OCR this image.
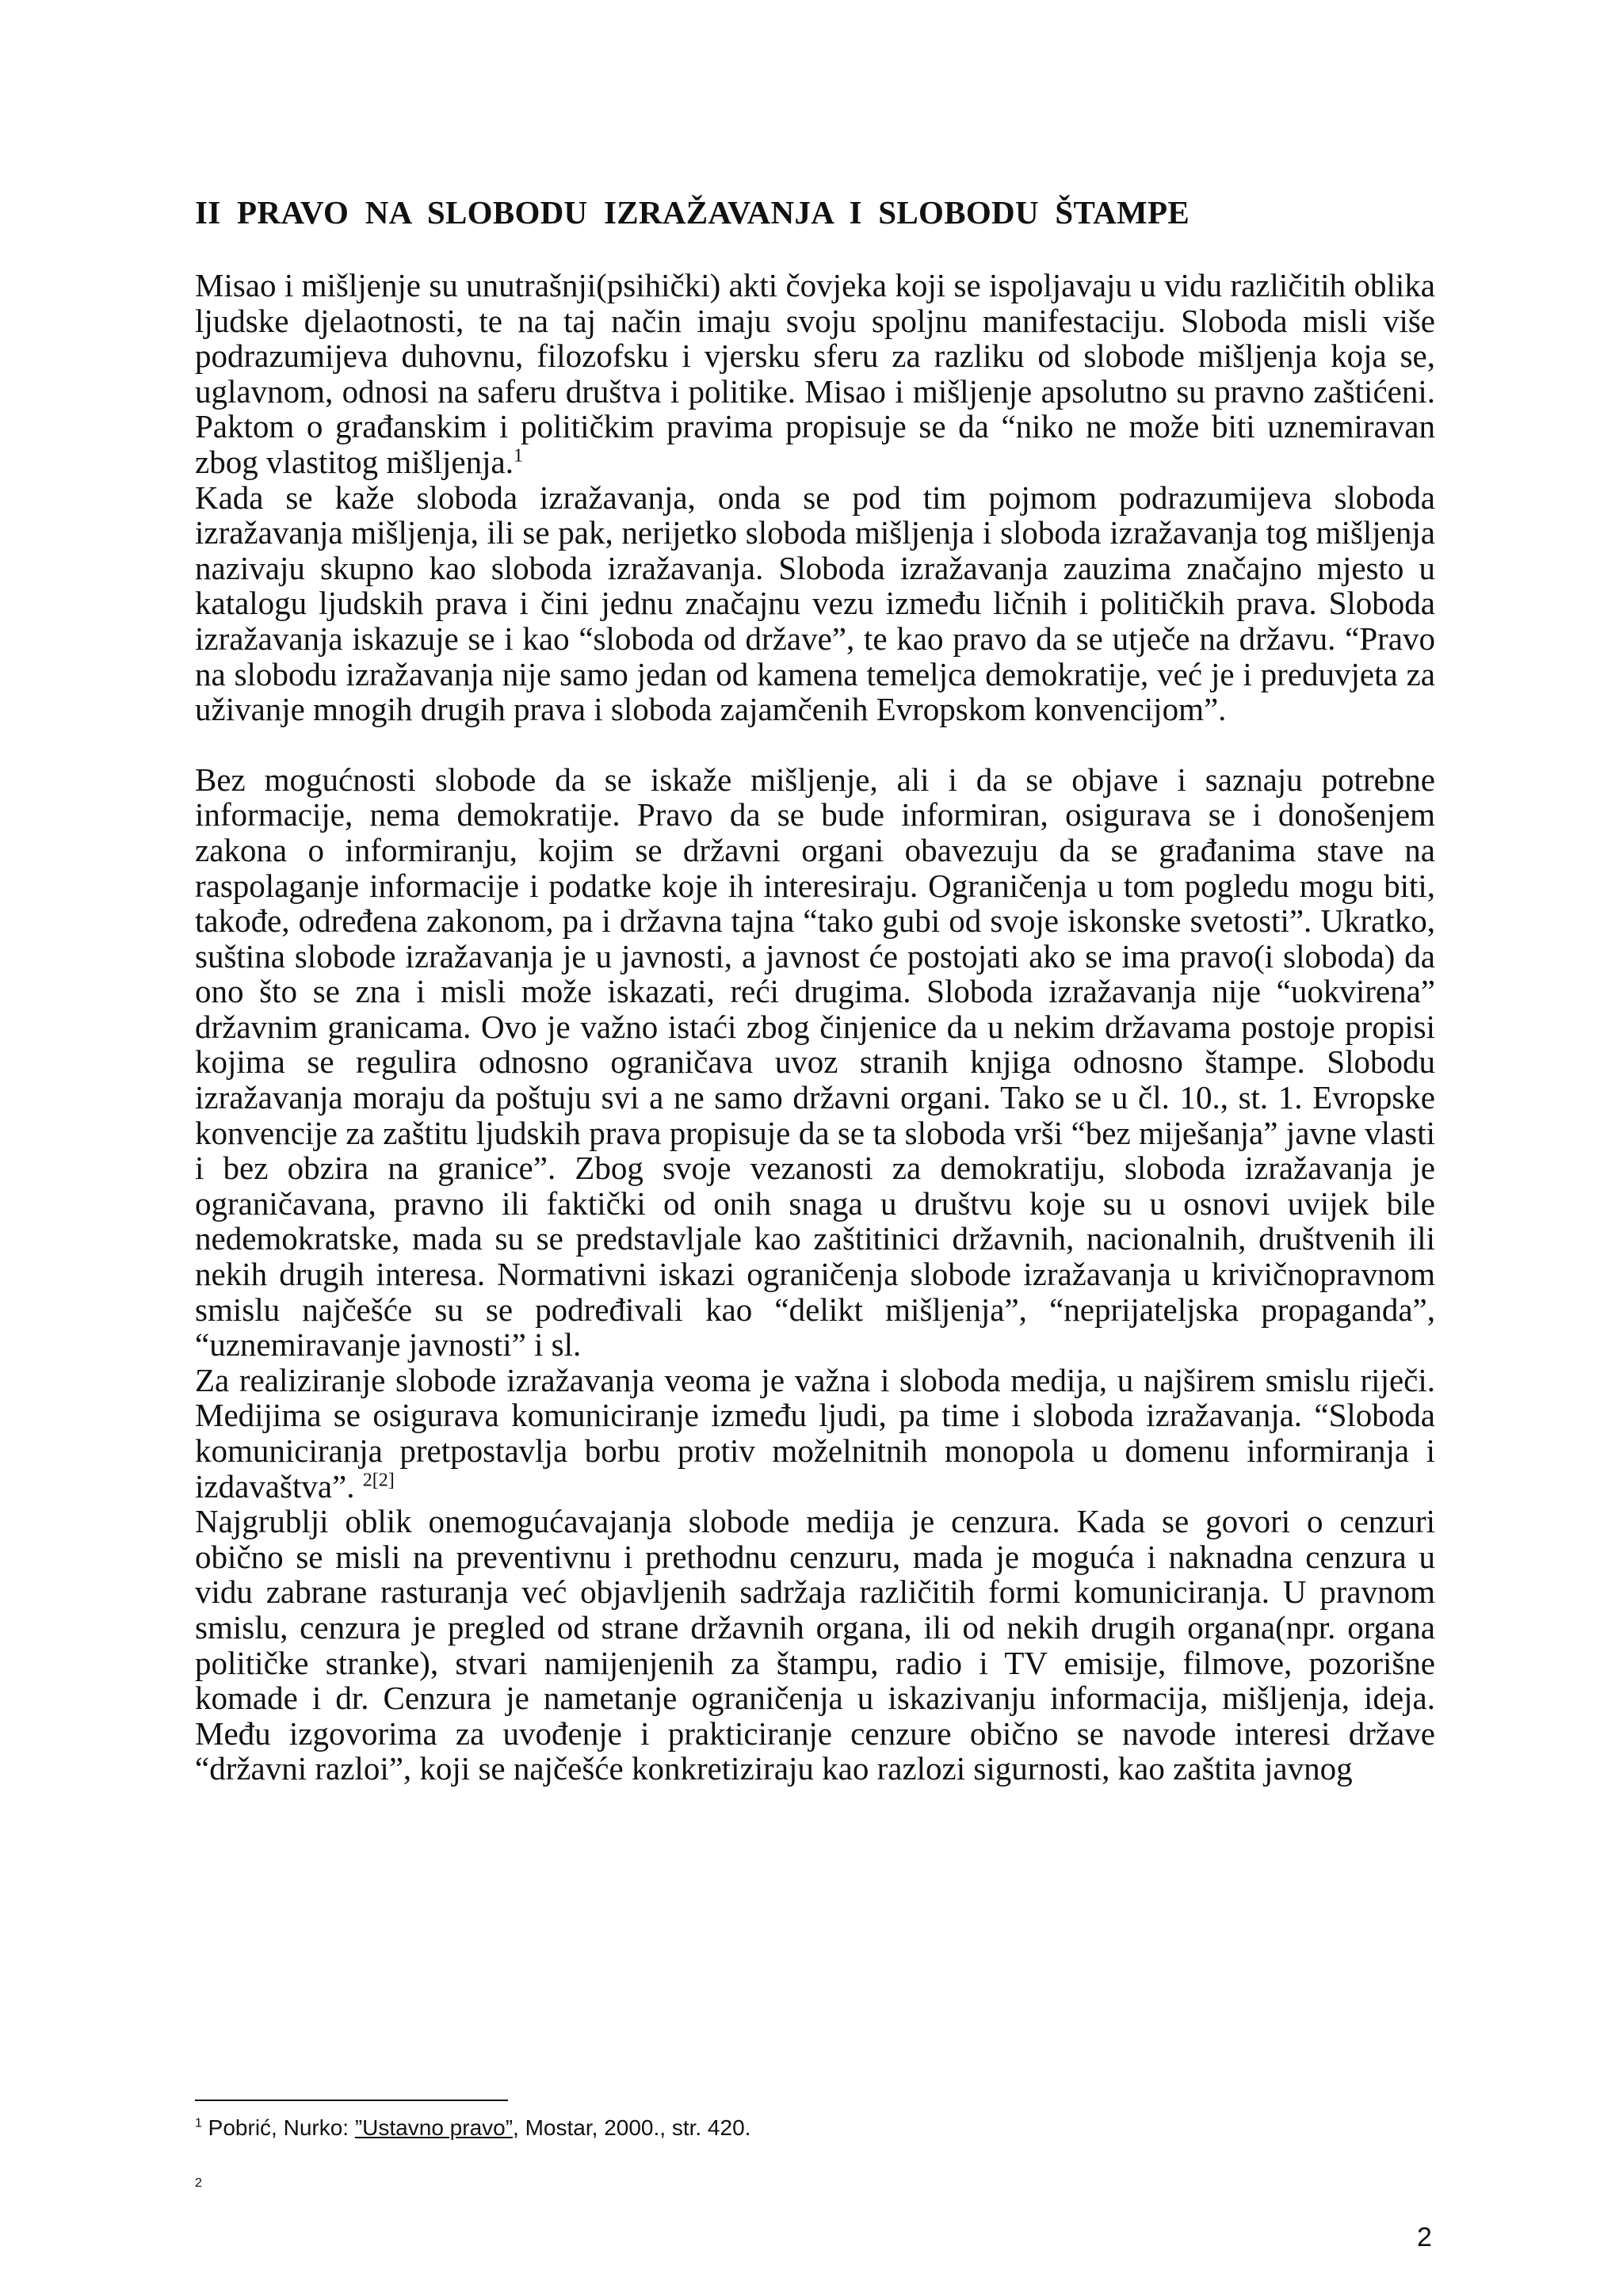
II PRAVO NA SLOBODU IZRAŽAVANJA I SLOBODU ŠTAMPE

Misao i mišljenje su unutrašnji(psihički) akti čovjeka koji se ispoljavaju u vidu različitih oblika ljudske djelaotnosti, te na taj način imaju svoju spoljnu manifestaciju. Sloboda misli više podrazumijeva duhovnu, filozofsku i vjersku sferu za razliku od slobode mišljenja koja se, uglavnom, odnosi na saferu društva i politike. Misao i mišljenje apsolutno su pravno zaštićeni. Paktom o građanskim i političkim pravima propisuje se da “niko ne može biti uznemiravan zbog vlastitog mišljenja.$^1$

Kada se kaže sloboda izražavanja, onda se pod tim pojmom podrazumijeva sloboda izražavanja mišljenja, ili se pak, nerijetko sloboda mišljenja i sloboda izražavanja tog mišljenja nazivaju skupno kao sloboda izražavanja. Sloboda izražavanja zauzima značajno mjesto u katalogu ljudskih prava i čini jednu značajnu vezu između ličnih i političkih prava. Sloboda izražavanja iskazuje se i kao “sloboda od države”, te kao pravo da se utječe na državu. “Pravo na slobodu izražavanja nije samo jedan od kamena temeljca demokratije, već je i preduvjeta za uživanje mnogih drugih prava i sloboda zajamčenih Evropskom konvencijom”.

Bez mogućnosti slobode da se iskaže mišljenje, ali i da se objave i saznaju potrebne informacije, nema demokratije. Pravo da se bude informiran, osigurava se i donošenjem zakona o informiranju, kojim se državni organi obavezuju da se građanima stave na raspolaganje informacije i podatke koje ih interesiraju. Ograničenja u tom pogledu mogu biti, takođe, određena zakonom, pa i državna tajna “tako gubi od svoje iskonske svetosti”. Ukratko, suština slobode izražavanja je u javnosti, a javnost će postojati ako se ima pravo(i sloboda) da ono što se zna i misli može iskazati, reći drugima. Sloboda izražavanja nije “uokvirena” državnim granicama. Ovo je važno istaći zbog činjenice da u nekim državama postoje propisi kojima se regulira odnosno ograničava uvoz stranih knjiga odnosno štampe. Slobodu izražavanja moraju da poštuju svi a ne samo državni organi. Tako se u čl. 10., st. 1. Evropske konvencije za zaštitu ljudskih prava propisuje da se ta sloboda vrši “bez miješanja” javne vlasti i bez obzira na granice”. Zbog svoje vezanosti za demokratiju, sloboda izražavanja je ograničavana, pravno ili faktički od onih snaga u društvu koje su u osnovi uvijek bile nedemokratske, mada su se predstavljale kao zaštitinici državnih, nacionalnih, društvenih ili nekih drugih interesa. Normativni iskazi ograničenja slobode izražavanja u krivičnopravnom smislu najčešće su se podređivali kao “delikt mišljenja”, “neprijateljska propaganda”, “uznemiravanje javnosti” i sl.

Za realiziranje slobode izražavanja veoma je važna i sloboda medija, u najširem smislu riječi. Medijima se osigurava komuniciranje između ljudi, pa time i sloboda izražavanja. “Sloboda komuniciranja pretpostavlja borbu protiv moželnitnih monopola u domenu informiranja i izdavaštva”. $^{2[2]}$

Najgrublji oblik onemogućavajanja slobode medija je cenzura. Kada se govori o cenzuri obično se misli na preventivnu i prethodnu cenzuru, mada je moguća i naknadna cenzura u vidu zabrane rasturanja već objavljenih sadržaja različitih formi komuniciranja. U pravnom smislu, cenzura je pregled od strane državnih organa, ili od nekih drugih organa(npr. organa političke stranke), stvari namijenjenih za štampu, radio i TV emisije, filmove, pozorišne komade i dr. Cenzura je nametanje ograničenja u iskazivanju informacija, mišljenja, ideja. Među izgovorima za uvođenje i prakticiranje cenzure obično se navode interesi države “državni razloi”, koji se najčešće konkretiziraju kao razlozi sigurnosti, kao zaštita javnog

$^1$ Pobrić, Nurko: ”Ustavno pravo”, Mostar, 2000., str. 420.
2
2
